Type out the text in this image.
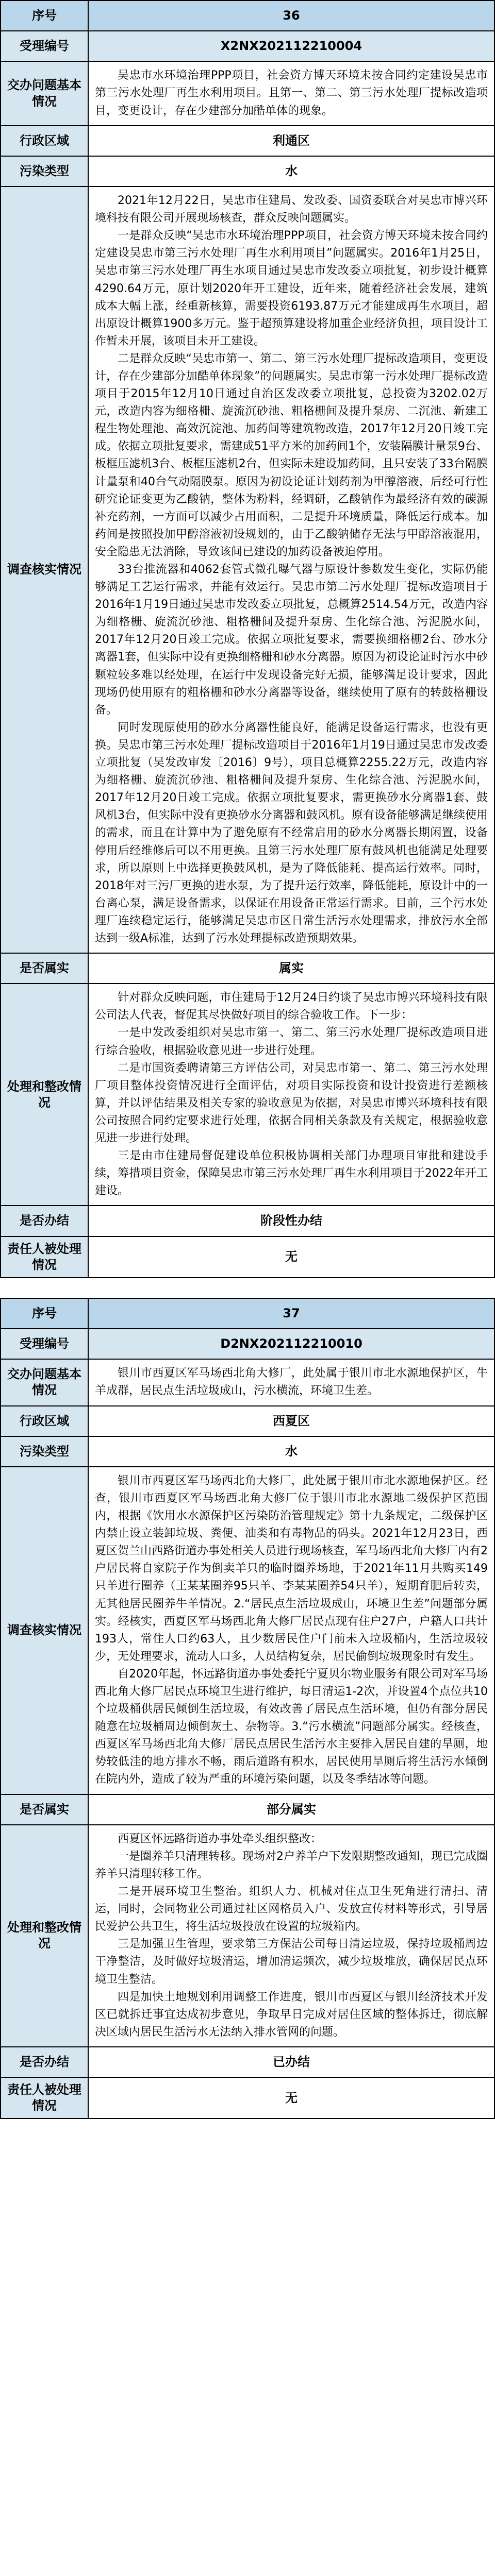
序号	36
受理编号	X2NX202112210004
交办问题基本情况	吴忠市水环境治理PPP项目，社会资方博天环境未按合同约定建设吴忠市第三污水处理厂再生水利用项目。且第一、第二、第三污水处理厂提标改造项目，变更设计，存在少建部分加酷单体的现象。

行政区域	利通区
污染类型	水
调查核实情况	2021年12月22日，吴忠市住建局、发改委、国资委联合对吴忠市博兴环境科技有限公司开展现场核查，群众反映问题属实。

一是群众反映“吴忠市水环境治理PPP项目，社会资方博天环境未按合同约定建设吴忠市第三污水处理厂再生水利用项目”问题属实。2016年1月25日，吴忠市第三污水处理厂再生水项目通过吴忠市发改委立项批复，初步设计概算4290.64万元，原计划2020年开工建设，近年来，随着经济社会发展，建筑成本大幅上涨，经重新核算，需要投资6193.87万元才能建成再生水项目，超出原设计概算1900多万元。鉴于超预算建设将加重企业经济负担，项目设计工作暂未开展，该项目未开工建设。

二是群众反映“吴忠市第一、第二、第三污水处理厂提标改造项目，变更设计，存在少建部分加酷单体现象”的问题属实。吴忠市第一污水处理厂提标改造项目于2015年12月10日通过自治区发改委立项批复，总投资为3202.02万元，改造内容为细格栅、旋流沉砂池、粗格栅间及提升泵房、二沉池、新建工程生物处理池、高效沉淀池、加药间等建筑物改造，2017年12月20日竣工完成。依据立项批复要求，需建成51平方米的加药间1个，安装隔膜计量泵9台、板框压滤机3台、板框压滤机2台，但实际未建设加药间，且只安装了33台隔膜计量泵和40台气动隔膜泵。原因为初设论证计划药剂为甲醇溶液，后经可行性研究论证变更为乙酸钠，整体为粉料，经调研，乙酸钠作为最经济有效的碳源补充药剂，一方面可以减少占用面积，二是提升环境质量，降低运行成本。加药间是按照投加甲醇溶液初设规划的，由于乙酸钠储存无法与甲醇溶液混用，安全隐患无法消除，导致该间已建设的加药设备被迫停用。

33台推流器和4062套管式微孔曝气器与原设计参数发生变化，实际仍能够满足工艺运行需求，并能有效运行。吴忠市第二污水处理厂提标改造项目于2016年1月19日通过吴忠市发改委立项批复，总概算2514.54万元，改造内容为细格栅、旋流沉砂池、粗格栅间及提升泵房、生化综合池、污泥脱水间，2017年12月20日竣工完成。依据立项批复要求，需要换细格栅2台、砂水分离器1套，但实际中设有更换细格栅和砂水分离器。原因为初设论证时污水中砂颗粒较多难以经处理，在运行中发现设备完好无损，能够满足设计要求，因此现场仍使用原有的粗格栅和砂水分离器等设备，继续使用了原有的转鼓格栅设备。

同时发现原使用的砂水分离器性能良好，能满足设备运行需求，也没有更换。吴忠市第三污水处理厂提标改造项目于2016年1月19日通过吴忠市发改委立项批复（吴发改审发〔2016〕9号），项目总概算2255.22万元，改造内容为细格栅、旋流沉砂池、粗格栅间及提升泵房、生化综合池、污泥脱水间，2017年12月20日竣工完成。依据立项批复要求，需更换砂水分离器1套、鼓风机3台，但实际中没有更换砂水分离器和鼓风机。原有设备能够满足继续使用的需求，而且在计算中为了避免原有不经常启用的砂水分离器长期闲置，设备停用后经维修后可以不用更换。且第三污水处理厂原有鼓风机也能满足处理要求，所以原则上中选择更换鼓风机，是为了降低能耗、提高运行效率。同时，2018年对三污厂更换的进水泵，为了提升运行效率，降低能耗，原设计中的一台离心泵，满足设备需求，以保证在用设备正常运行需求。目前，三个污水处理厂连续稳定运行，能够满足吴忠市区日常生活污水处理需求，排放污水全部达到一级A标准，达到了污水处理提标改造预期效果。

是否属实	属实
处理和整改情况	针对群众反映问题，市住建局于12月24日约谈了吴忠市博兴环境科技有限公司法人代表，督促其尽快做好项目的综合验收工作。下一步：

一是中发改委组织对吴忠市第一、第二、第三污水处理厂提标改造项目进行综合验收，根据验收意见进一步进行处理。

二是市国资委聘请第三方评估公司，对吴忠市第一、第二、第三污水处理厂项目整体投资情况进行全面评估，对项目实际投资和设计投资进行差额核算，并以评估结果及相关专家的验收意见为依据，对吴忠市博兴环境科技有限公司按照合同约定要求进行处理，依据合同相关条款及有关规定，根据验收意见进一步进行处理。

三是由市住建局督促建设单位积极协调相关部门办理项目审批和建设手续，筹措项目资金，保障吴忠市第三污水处理厂再生水利用项目于2022年开工建设。

是否办结	阶段性办结
责任人被处理情况	无
序号	37
受理编号	D2NX202112210010
交办问题基本情况	银川市西夏区军马场西北角大修厂，此处属于银川市北水源地保护区，牛羊成群，居民点生活垃圾成山，污水横流，环境卫生差。

行政区域	西夏区
污染类型	水
调查核实情况	银川市西夏区军马场西北角大修厂，此处属于银川市北水源地保护区。经查，银川市西夏区军马场西北角大修厂位于银川市北水源地二级保护区范围内，根据《饮用水水源保护区污染防治管理规定》第十九条规定，二级保护区内禁止设立装卸垃圾、粪便、油类和有毒物品的码头。2021年12月23日，西夏区贺兰山西路街道办事处相关人员进行现场核查，军马场西北角大修厂内有2户居民将自家院子作为倒卖羊只的临时圈养场地，于2021年11月共购买149只羊进行圈养（王某某圈养95只羊、李某某圈养54只羊），短期育肥后转卖，无其他居民圈养牛羊情况。2.“居民点生活垃圾成山，环境卫生差”问题部分属实。经核实，西夏区军马场西北角大修厂居民点现有住户27户，户籍人口共计193人，常住人口约63人，且少数居民住户门前未入垃圾桶内，生活垃圾较少，无处理要求，流动人口多，人员结构复杂，居民偷倒垃圾现象时有发生。

自2020年起，怀远路街道办事处委托宁夏贝尔物业服务有限公司对军马场西北角大修厂居民点环境卫生进行维护，每日清运1-2次，并设置4个点位共10个垃圾桶供居民倾倒生活垃圾，有效改善了居民点生活环境，但仍有部分居民随意在垃圾桶周边倾倒灰土、杂物等。3.“污水横流”问题部分属实。经核查，西夏区军马场西北角大修厂居民点居民生活污水主要排入居民自建的旱厕，地势较低洼的地方排水不畅，雨后道路有积水，居民使用旱厕后将生活污水倾倒在院内外，造成了较为严重的环境污染问题，以及冬季结冰等问题。

是否属实	部分属实
处理和整改情况	西夏区怀远路街道办事处牵头组织整改：

一是圈养羊只清理转移。现场对2户养羊户下发限期整改通知，现已完成圈养羊只清理转移工作。

二是开展环境卫生整治。组织人力、机械对住点卫生死角进行清扫、清运，同时，会同物业公司通过社区网格员入户、发放宣传材料等形式，引导居民爱护公共卫生，将生活垃圾投放在设置的垃圾箱内。

三是加强卫生管理，要求第三方保洁公司每日清运垃圾，保持垃圾桶周边干净整洁，及时做好垃圾清运，增加清运频次，减少垃圾堆放，确保居民点环境卫生整洁。

四是加快土地规划利用调整工作进度，银川市西夏区与银川经济技术开发区已就拆迁事宜达成初步意见，争取早日完成对居住区域的整体拆迁，彻底解决区域内居民生活污水无法纳入排水管网的问题。

是否办结	已办结
责任人被处理情况	无
